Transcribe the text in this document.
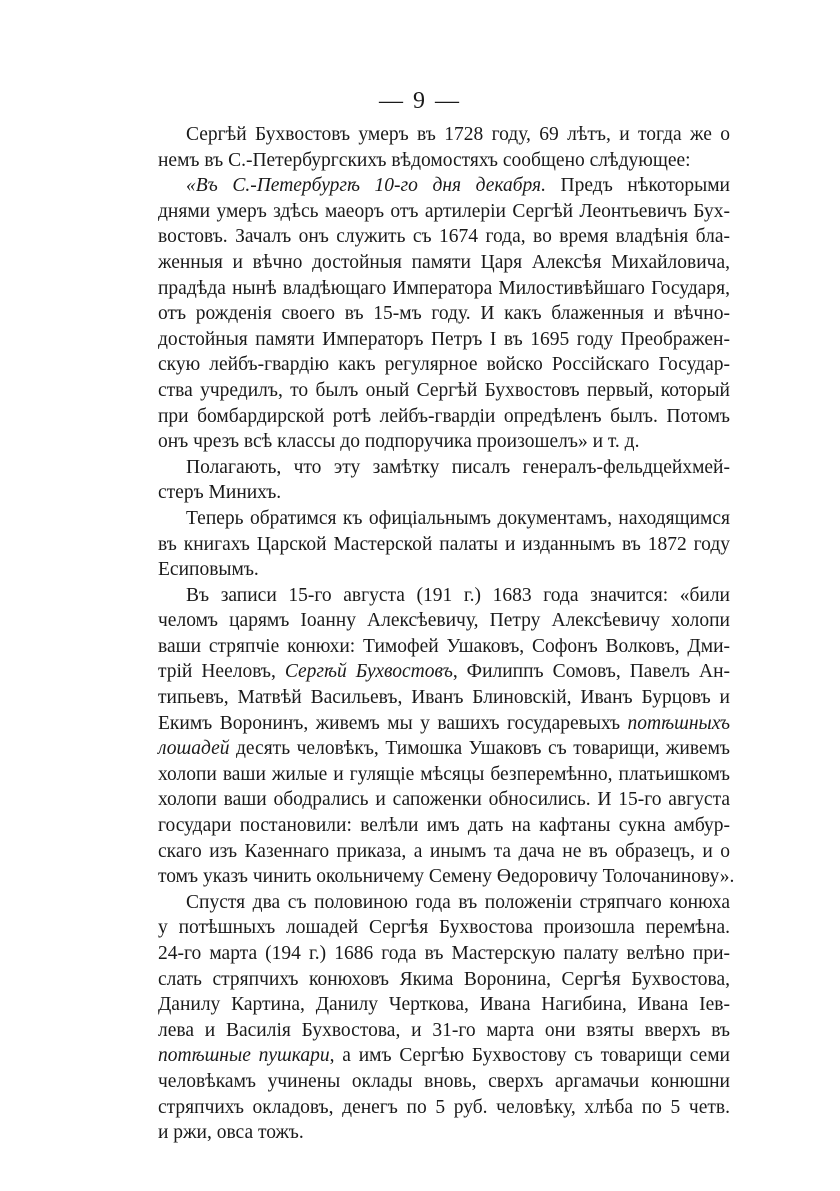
— 9 —
Сергѣй Бухвостовъ умеръ въ 1728 году, 69 лѣтъ, и тогда же о
немъ въ С.-Петербургскихъ вѣдомостяхъ сообщено слѣдующее:
«Въ С.-Петербургѣ 10-го дня декабря. Предъ нѣкоторыми
днями умеръ здѣсь маеоръ отъ артилеріи Сергѣй Леонтьевичъ Бух-
востовъ. Зачалъ онъ служить съ 1674 года, во время владѣнія бла-
женныя и вѣчно достойныя памяти Царя Алексѣя Михайловича,
прадѣда нынѣ владѣющаго Императора Милостивѣйшаго Государя,
отъ рожденія своего въ 15-мъ году. И какъ блаженныя и вѣчно-
достойныя памяти Императоръ Петръ I въ 1695 году Преображен-
скую лейбъ-гвардію какъ регулярное войско Россійскаго Государ-
ства учредилъ, то былъ оный Сергѣй Бухвостовъ первый, который
при бомбардирской ротѣ лейбъ-гвардіи опредѣленъ былъ. Потомъ
онъ чрезъ всѣ классы до подпоручика произошелъ» и т. д.
Полагають, что эту замѣтку писалъ генералъ-фельдцейхмей-
стеръ Минихъ.
Теперь обратимся къ офиціальнымъ документамъ, находящимся
въ книгахъ Царской Мастерской палаты и изданнымъ въ 1872 году
Есиповымъ.
Въ записи 15-го августа (191 г.) 1683 года значится: «били
челомъ царямъ Іоанну Алексѣевичу, Петру Алексѣевичу холопи
ваши стряпчіе конюхи: Тимофей Ушаковъ, Софонъ Волковъ, Дми-
трій Нееловъ, Сергѣй Бухвостовъ, Филиппъ Сомовъ, Павелъ Ан-
типьевъ, Матвѣй Васильевъ, Иванъ Блиновскій, Иванъ Бурцовъ и
Екимъ Воронинъ, живемъ мы у вашихъ государевыхъ потѣшныхъ
лошадей десять человѣкъ, Тимошка Ушаковъ съ товарищи, живемъ
холопи ваши жилые и гулящіе мѣсяцы безперемѣнно, платьишкомъ
холопи ваши ободрались и сапоженки обносились. И 15-го августа
государи постановили: велѣли имъ дать на кафтаны сукна амбур-
скаго изъ Казеннаго приказа, а инымъ та дача не въ образецъ, и о
томъ указъ чинить окольничему Семену Өедоровичу Толочанинову».
Спустя два съ половиною года въ положеніи стряпчаго конюха
у потѣшныхъ лошадей Сергѣя Бухвостова произошла перемѣна.
24-го марта (194 г.) 1686 года въ Мастерскую палату велѣно при-
слать стряпчихъ конюховъ Якима Воронина, Сергѣя Бухвостова,
Данилу Картина, Данилу Черткова, Ивана Нагибина, Ивана Іев-
лева и Василія Бухвостова, и 31-го марта они взяты вверхъ въ
потѣшные пушкари, а имъ Сергѣю Бухвостову съ товарищи семи
человѣкамъ учинены оклады вновь, сверхъ аргамачьи конюшни
стряпчихъ окладовъ, денегъ по 5 руб. человѣку, хлѣба по 5 четв.
и ржи, овса тожъ.
